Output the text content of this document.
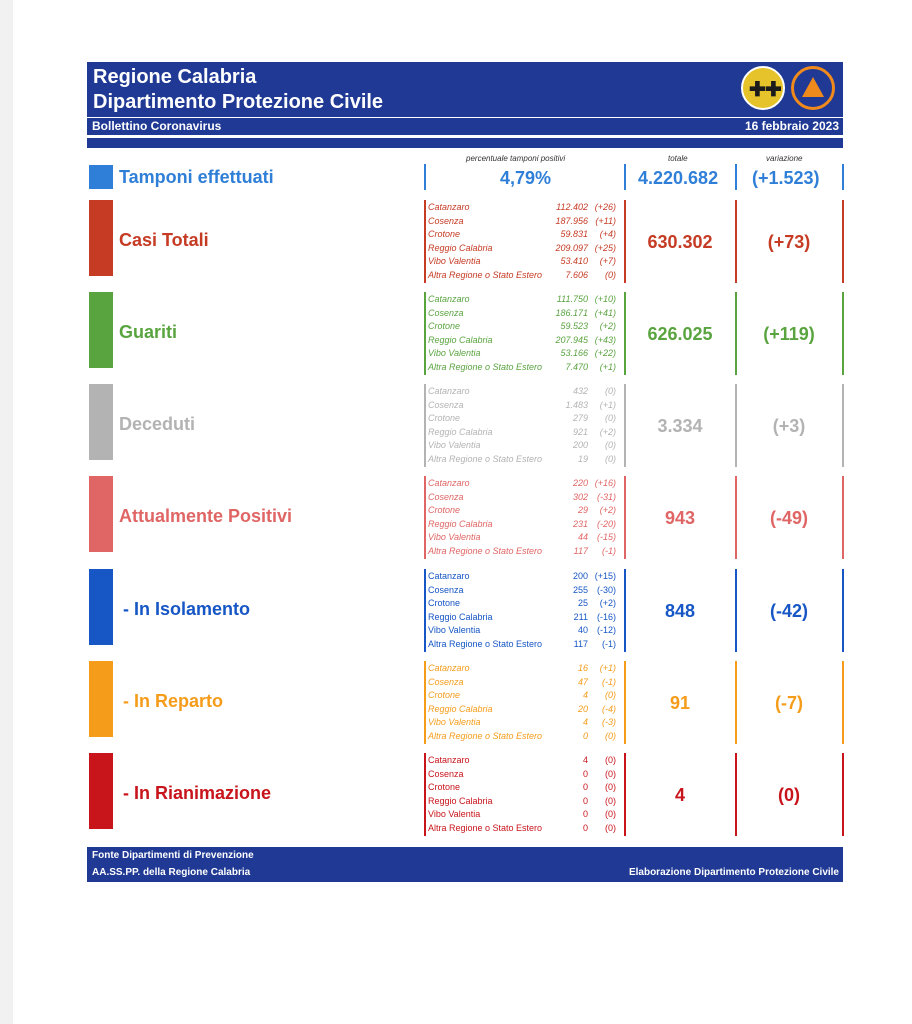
Regione Calabria
Dipartimento Protezione Civile
✚ ✚
Bollettino Coronavirus	16 febbraio 2023
percentuale tamponi positivi	totale	variazione
Tamponi effettuati	4,79%	4.220.682 (+1.523)
Casi Totali
Catanzaro	112.402 (+26)
Cosenza	187.956 (+11)
Crotone	59.831 (+4)
Reggio Calabria	209.097 (+25)
Vibo Valentia	53.410 (+7)
Altra Regione o Stato Estero	7.606 (0)
630.302	(+73)
Guariti
Catanzaro	111.750 (+10)
Cosenza	186.171 (+41)
Crotone	59.523 (+2)
Reggio Calabria	207.945 (+43)
Vibo Valentia	53.166 (+22)
Altra Regione o Stato Estero	7.470 (+1)
626.025	(+119)
Deceduti
Catanzaro	432 (0)
Cosenza	1.483 (+1)
Crotone	279 (0)
Reggio Calabria	921 (+2)
Vibo Valentia	200 (0)
Altra Regione o Stato Estero	19 (0)
3.334	(+3)
Attualmente Positivi
Catanzaro	220 (+16)
Cosenza	302 (-31)
Crotone	29 (+2)
Reggio Calabria	231 (-20)
Vibo Valentia	44 (-15)
Altra Regione o Stato Estero	117 (-1)
943	(-49)
- In Isolamento
Catanzaro	200 (+15)
Cosenza	255 (-30)
Crotone	25 (+2)
Reggio Calabria	211 (-16)
Vibo Valentia	40 (-12)
Altra Regione o Stato Estero	117 (-1)
848	(-42)
- In Reparto
Catanzaro	16 (+1)
Cosenza	47 (-1)
Crotone	4 (0)
Reggio Calabria	20 (-4)
Vibo Valentia	4 (-3)
Altra Regione o Stato Estero	0 (0)
91	(-7)
- In Rianimazione
Catanzaro	4 (0)
Cosenza	0 (0)
Crotone	0 (0)
Reggio Calabria	0 (0)
Vibo Valentia	0 (0)
Altra Regione o Stato Estero	0 (0)
4	(0)
Fonte Dipartimenti di Prevenzione
AA.SS.PP. della Regione Calabria	Elaborazione Dipartimento Protezione Civile
